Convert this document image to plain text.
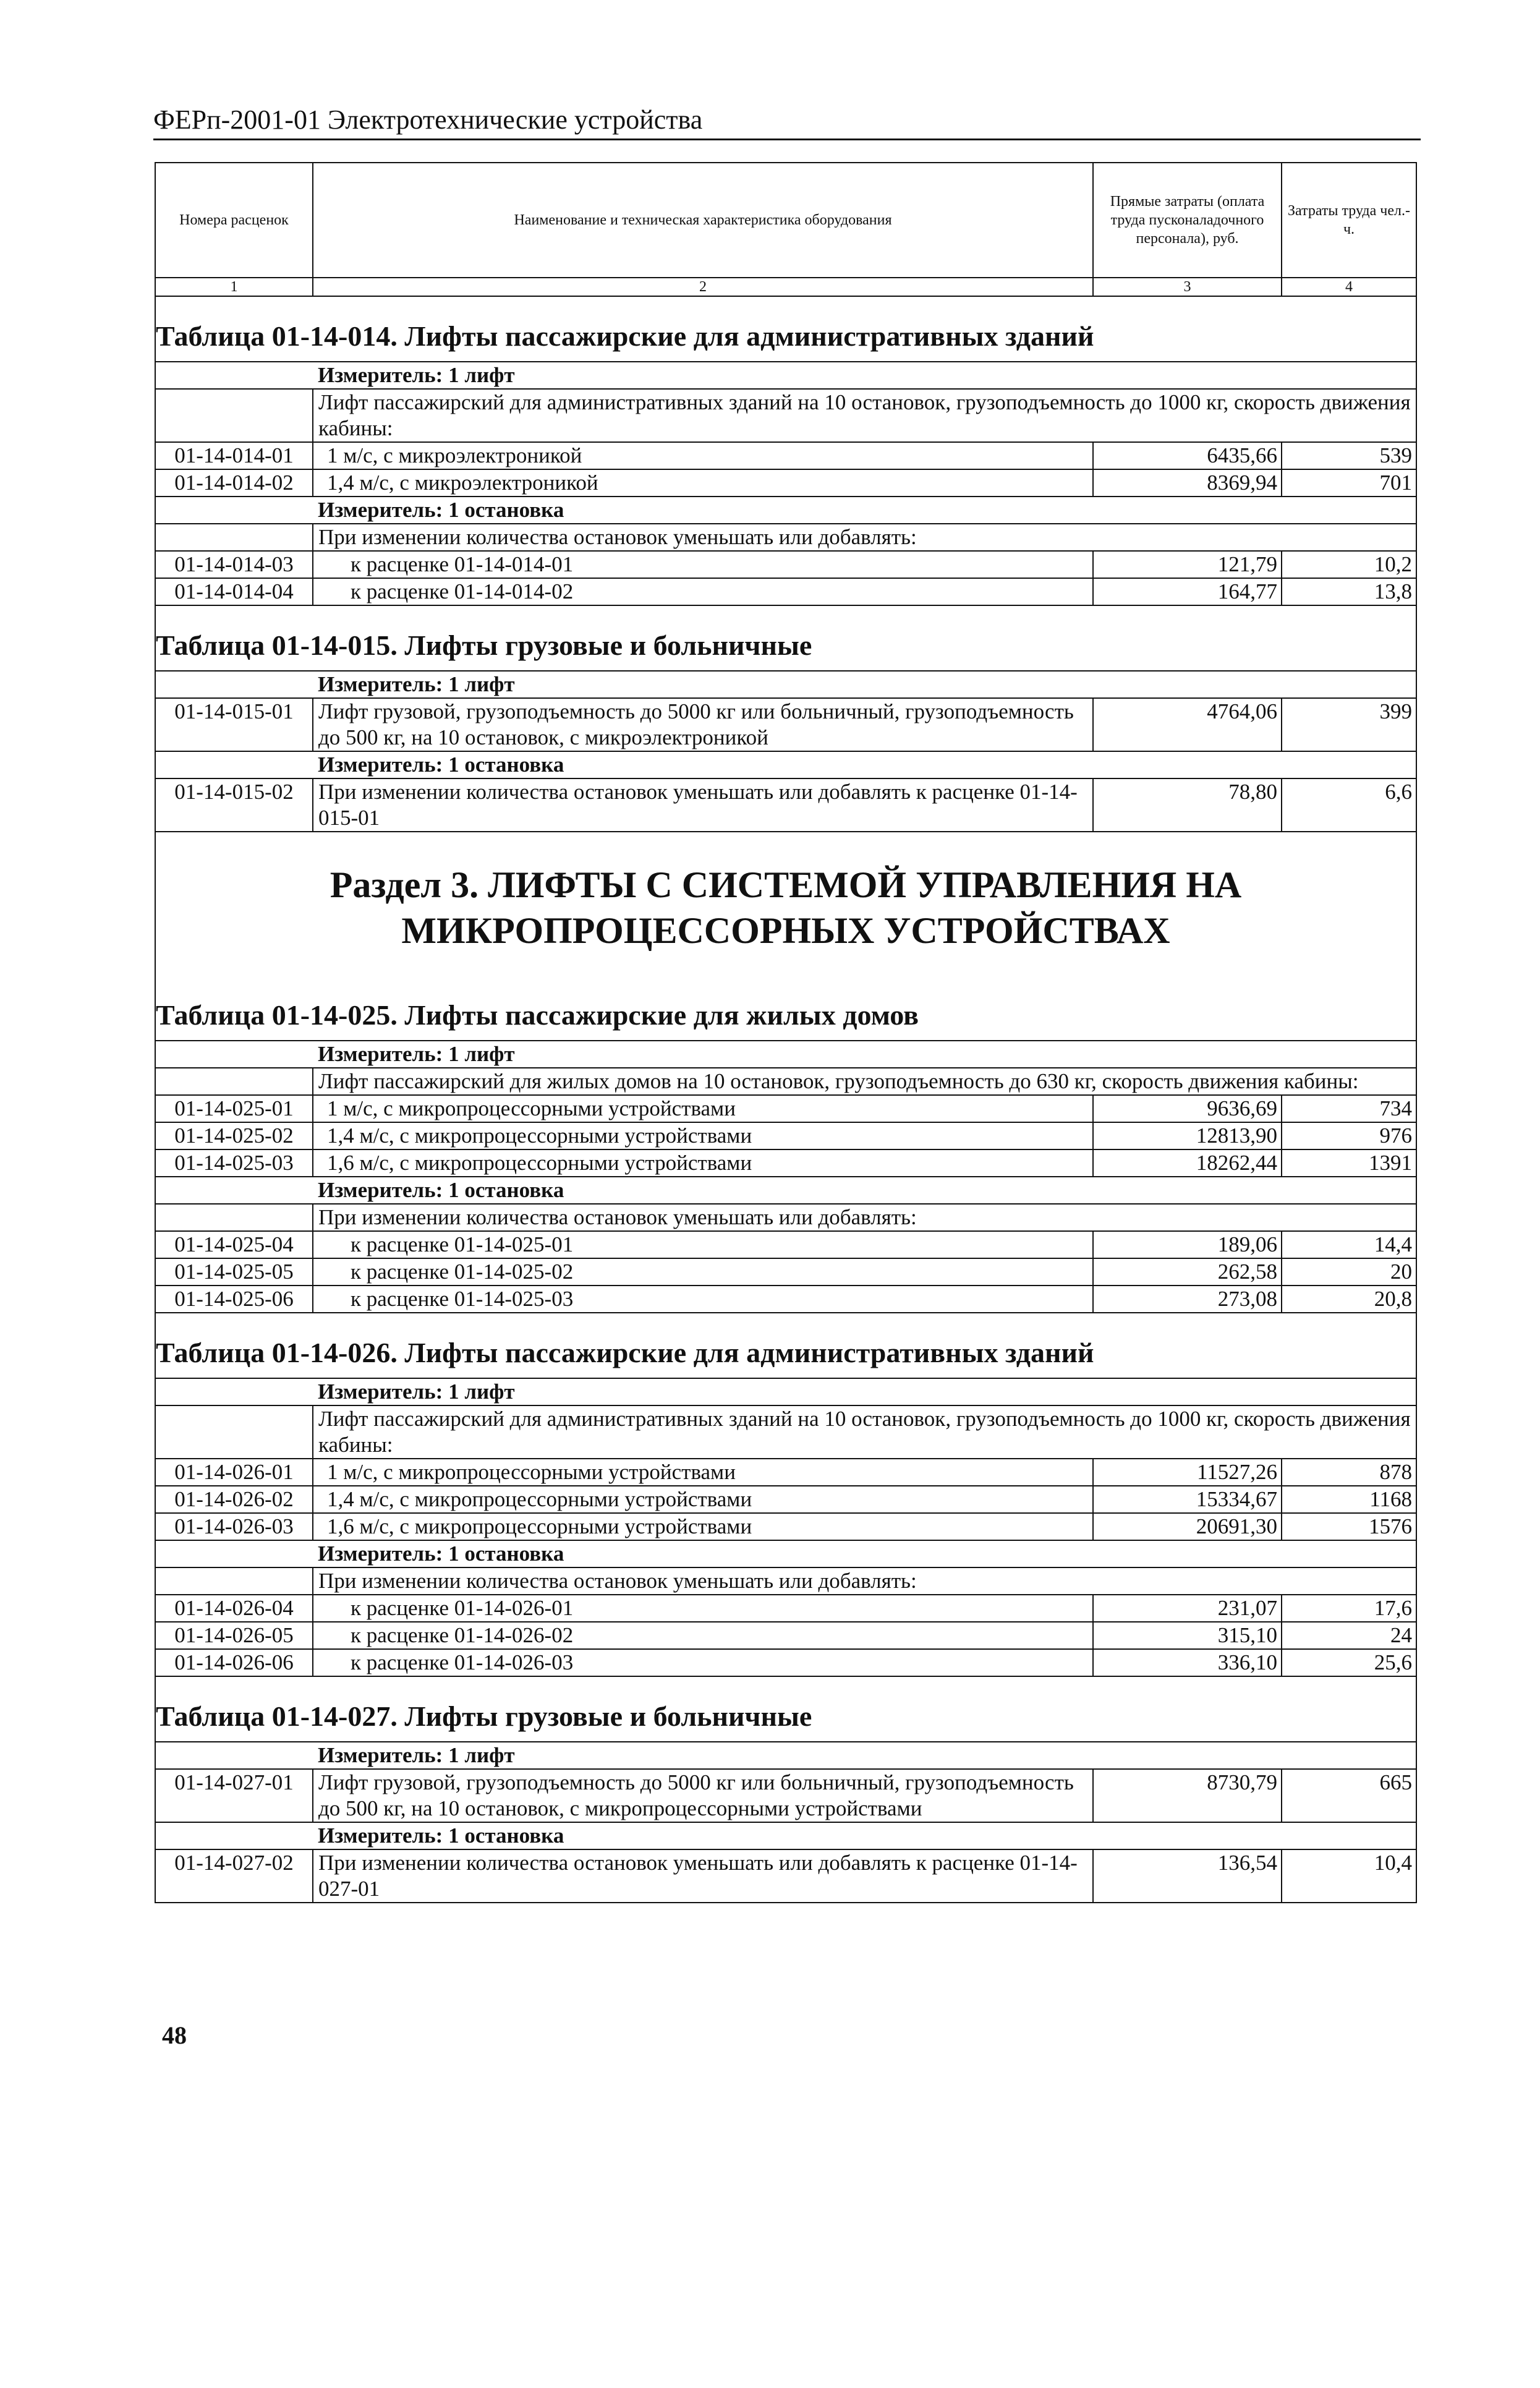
ФЕРп-2001-01 Электротехнические устройства
Номера расценок	Наименование и техническая характеристика оборудования	Прямые затраты (оплата труда пусконаладочного персонала), руб.	Затраты труда чел.-ч.
1	2	3	4
Таблица 01-14-014. Лифты пассажирские для административных зданий			
Измеритель: 1 лифт			
	Лифт пассажирский для административных зданий на 10 остановок, грузоподъемность до 1000 кг, скорость движения кабины:		
01-14-014-01	1 м/с, с микроэлектроникой	6435,66	539
01-14-014-02	1,4 м/с, с микроэлектроникой	8369,94	701
Измеритель: 1 остановка			
	При изменении количества остановок уменьшать или добавлять:		
01-14-014-03	к расценке 01-14-014-01	121,79	10,2
01-14-014-04	к расценке 01-14-014-02	164,77	13,8
Таблица 01-14-015. Лифты грузовые и больничные			
Измеритель: 1 лифт			
01-14-015-01	Лифт грузовой, грузоподъемность до 5000 кг или больничный, грузоподъемность до 500 кг, на 10 остановок, с микроэлектроникой	4764,06	399
Измеритель: 1 остановка			
01-14-015-02	При изменении количества остановок уменьшать или добавлять к расценке 01-14-015-01	78,80	6,6

Раздел 3. ЛИФТЫ С СИСТЕМОЙ УПРАВЛЕНИЯ НА
МИКРОПРОЦЕССОРНЫХ УСТРОЙСТВАХ			

Таблица 01-14-025. Лифты пассажирские для жилых домов			
Измеритель: 1 лифт			
	Лифт пассажирский для жилых домов на 10 остановок, грузоподъемность до 630 кг, скорость движения кабины:		
01-14-025-01	1 м/с, с микропроцессорными устройствами	9636,69	734
01-14-025-02	1,4 м/с, с микропроцессорными устройствами	12813,90	976
01-14-025-03	1,6 м/с, с микропроцессорными устройствами	18262,44	1391
Измеритель: 1 остановка			
	При изменении количества остановок уменьшать или добавлять:		
01-14-025-04	к расценке 01-14-025-01	189,06	14,4
01-14-025-05	к расценке 01-14-025-02	262,58	20
01-14-025-06	к расценке 01-14-025-03	273,08	20,8
Таблица 01-14-026. Лифты пассажирские для административных зданий			
Измеритель: 1 лифт			
	Лифт пассажирский для административных зданий на 10 остановок, грузоподъемность до 1000 кг, скорость движения кабины:		
01-14-026-01	1 м/с, с микропроцессорными устройствами	11527,26	878
01-14-026-02	1,4 м/с, с микропроцессорными устройствами	15334,67	1168
01-14-026-03	1,6 м/с, с микропроцессорными устройствами	20691,30	1576
Измеритель: 1 остановка			
	При изменении количества остановок уменьшать или добавлять:		
01-14-026-04	к расценке 01-14-026-01	231,07	17,6
01-14-026-05	к расценке 01-14-026-02	315,10	24
01-14-026-06	к расценке 01-14-026-03	336,10	25,6
Таблица 01-14-027. Лифты грузовые и больничные			
Измеритель: 1 лифт			
01-14-027-01	Лифт грузовой, грузоподъемность до 5000 кг или больничный, грузоподъемность до 500 кг, на 10 остановок, с микропроцессорными устройствами	8730,79	665
Измеритель: 1 остановка			
01-14-027-02	При изменении количества остановок уменьшать или добавлять к расценке 01-14-027-01	136,54	10,4
48
